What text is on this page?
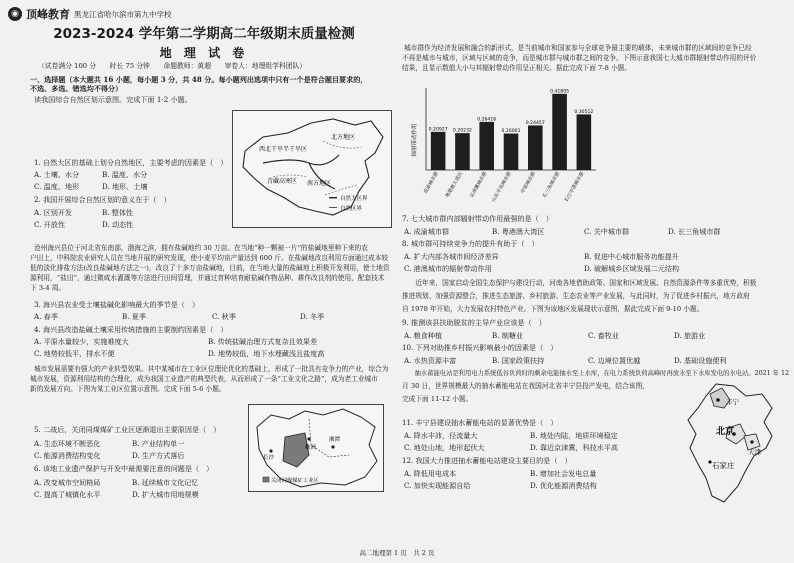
◉ 顶峰教育 黑龙江省哈尔滨市第九中学校
2023-2024 学年第二学期高二年级期末质量检测
地 理 试 卷
（试卷满分 100 分　　时长 75 分钟　　命题教师：黄超　　审卷人：地理组学科团队）
一、选择题（本大题共 16 小题，每小题 3 分，共 48 分。每小题列出选项中只有一个是符合题目要求的，
不选、多选、错选均不得分）
读我国综合自然区划示意图。完成下面 1-2 小题。
西北干旱半干旱区
北方地区
青藏高寒区 南方地区
自然大区界
自然区界
1. 自然大区的基础上划分自然地区，主要考虑的因素是（　）
A. 土壤、水分	B. 温度、水分
C. 温度、地形	D. 地形、土壤
2. 我国开展综合自然区划的意义在于（　）
A. 区别开发	B. 整体性
C. 开放性	D. 动态性
沧州海兴县位于河北省东南部，渤海之滨，拥有盐碱地约 30 万亩。在当地“种一颗被一片”的盐碱地里种下来的农
户田上，中科院农业研究人员在当地开展的研究发现，使小麦平均亩产量达到 600 斤。在盐碱地改良利用方面通过成本较
低的淡化排盐方法(改良盐碱地方法之一)，改良了十多万亩盐碱地，目前，在当地大量的盐碱地上积极开发利用，使土地资
源利用，“盐田”，通过微咸水灌溉等方法进行田间管理，并通过育种培育耐盐碱作物品种、耕作改良剂的使用，配套技术
下 3-4 周。
3. 海兴县农业受土壤盐碱化影响最大的季节是（　）
A. 春季	B. 夏季	C. 秋季	D. 冬季
4. 海兴县改造盐碱土壤采用传统措施的主要制约因素是（　）
A. 平原水量较少，实施难度大	B. 传统盐碱治理方式复杂且效果差
C. 地势较低平，排水不便	D. 地势较低，地下水埋藏浅且盐度高
城市发展需要有强大的产业转型效果。其中某城市在工业区位理论优化的基础上，形成了一批具有竞争力的产业，综合为
城市发展，资源利用结构的合理化，成为我国工业遗产的典型代表，从而形成了一条“工业文化之路”，成为老工业城市
新的发展方向。下图为某工业区位置示意图。完成下面 5-6 小题。
长沙
株洲
湘潭
关闭同煤煤矿工业区
5. 二战后，关闭同煤煤矿工业区逐渐退出主要原因是（　）
A. 生态环境不断恶化	B. 产业结构单一
C. 能源消费结构变化	D. 生产方式落后
6. 该地工业遗产保护与开发中最需要注意的问题是（　）
A. 改变城市空间格局	B. 延续城市文化记忆
C. 提高了城镇化水平	D. 扩大城市用地规模
城市群作为经济发展和融合的新形式，是当前城市和国家参与全球竞争最主要的载体，未来城市群的区域间的竞争已经
不再是城市与城市，区域与区域的竞争，而是城市群与城市群之间的竞争。下图示意我国七大城市群辐射带动作用的评价
结果，且显示数值大小与其辐射带动作用呈正相关。据此完成下面 7-8 小题。
辐射带动作用 0.20927
成渝城市群
0.20232
粤港澳大湾区
0.26416
京津冀城市群
0.20001
山东半岛城市群
0.24457
中原城市群
0.41805
长三角城市群
0.30512
长江中游城市群
7. 七大城市群内部辐射带动作用最强的是（　）
A. 成渝城市群	B. 粤港澳大湾区	C. 关中城市群	D. 长三角城市群
8. 城市群可持续竞争力的提升有助于（　）
A. 扩大内部各城市间经济差异	B. 促进中心城市服务功能提升
C. 港澳城市的辐射带动作用	D. 破解城乡区域发展二元结构
　　近年来，国家启动全国生态保护与建设行动，河南各地借助政策、国家和区域发展、自然资源条件等多重优势，积极
推进规划、加强资源整合，推进生态旅游、乡村旅游、生态农业等产业发展，与此同时，为了促进乡村振兴，地方政府
自 1978 年开始，大力发展农村特色产业。下图为该地区发展现状示意图，据此完成下面 9-10 小题。
9. 推测该县扶助脱贫的主导产业应该是（　）
A. 粮食种植	B. 制糖业	C. 畜牧业	D. 旅游业
10. 下列对助推乡村振兴影响最小的因素是（　）
A. 水热资源丰富	B. 国家政策扶持	C. 边境位置优越	D. 基础设施便利
　　抽水蓄能电站是利用电力系统低谷负荷时的剩余电能抽水至上水库，在电力系统负荷高峰时再放水至下水库发电的水电站。2021 年 12
月 30 日，世界规模最大的抽水蓄能电站在我国河北省丰宁县投产发电，结合该图，
完成下面 11-12 小题。	丰宁
北京
天津
石家庄
11. 丰宁县建设抽水蓄能电站的显著优势是（　）
A. 降水丰沛，径流量大	B. 地处内陆，地质环境稳定
C. 地处山地，地形起伏大	D. 靠近京津冀，科技水平高
12. 我国大力推进抽水蓄能电站建设主要目的是（　）
A. 降低用电成本	B. 增加社会发电总量
C. 加快实现能源自给	D. 优化能源消费结构
高二地理第 1 页　共 2 页
